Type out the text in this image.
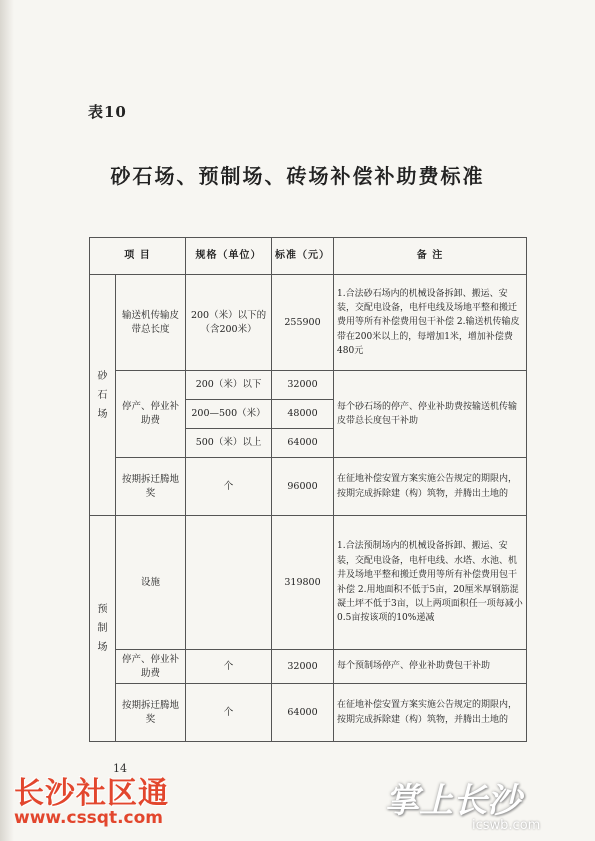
表10
砂石场、预制场、砖场补偿补助费标准
项 目		规格（单位）	标准（元）	备 注
砂石场	输送机传输皮带总长度	200（米）以下的（含200米）	255900	1.合法砂石场内的机械设备拆卸、搬运、安装，交配电设备，电杆电线及场地平整和搬迁费用等所有补偿费用包干补偿 2.输送机传输皮带在200米以上的，每增加1米，增加补偿费480元
	停产、停业补助费	200（米）以下	32000	每个砂石场的停产、停业补助费按输送机传输皮带总长度包干补助
		200—500（米）	48000	
		500（米）以上	64000	
	按期拆迁腾地奖	个	96000	在征地补偿安置方案实施公告规定的期限内，按期完成拆除建（构）筑物，并腾出土地的
预制场	设施		319800	1.合法预制场内的机械设备拆卸、搬运、安装，交配电设备，电杆电线、水塔、水池、机井及场地平整和搬迁费用等所有补偿费用包干补偿 2.用地面积不低于5亩，20厘米厚钢筋混凝土坪不低于3亩，以上两项面积任一项每减小0.5亩按该项的10%递减
	停产、停业补助费	个	32000	每个预制场停产、停业补助费包干补助
	按期拆迁腾地奖	个	64000	在征地补偿安置方案实施公告规定的期限内，按期完成拆除建（构）筑物，并腾出土地的
14
长沙社区通
www.cssqt.com	掌上长沙
icswb.com
